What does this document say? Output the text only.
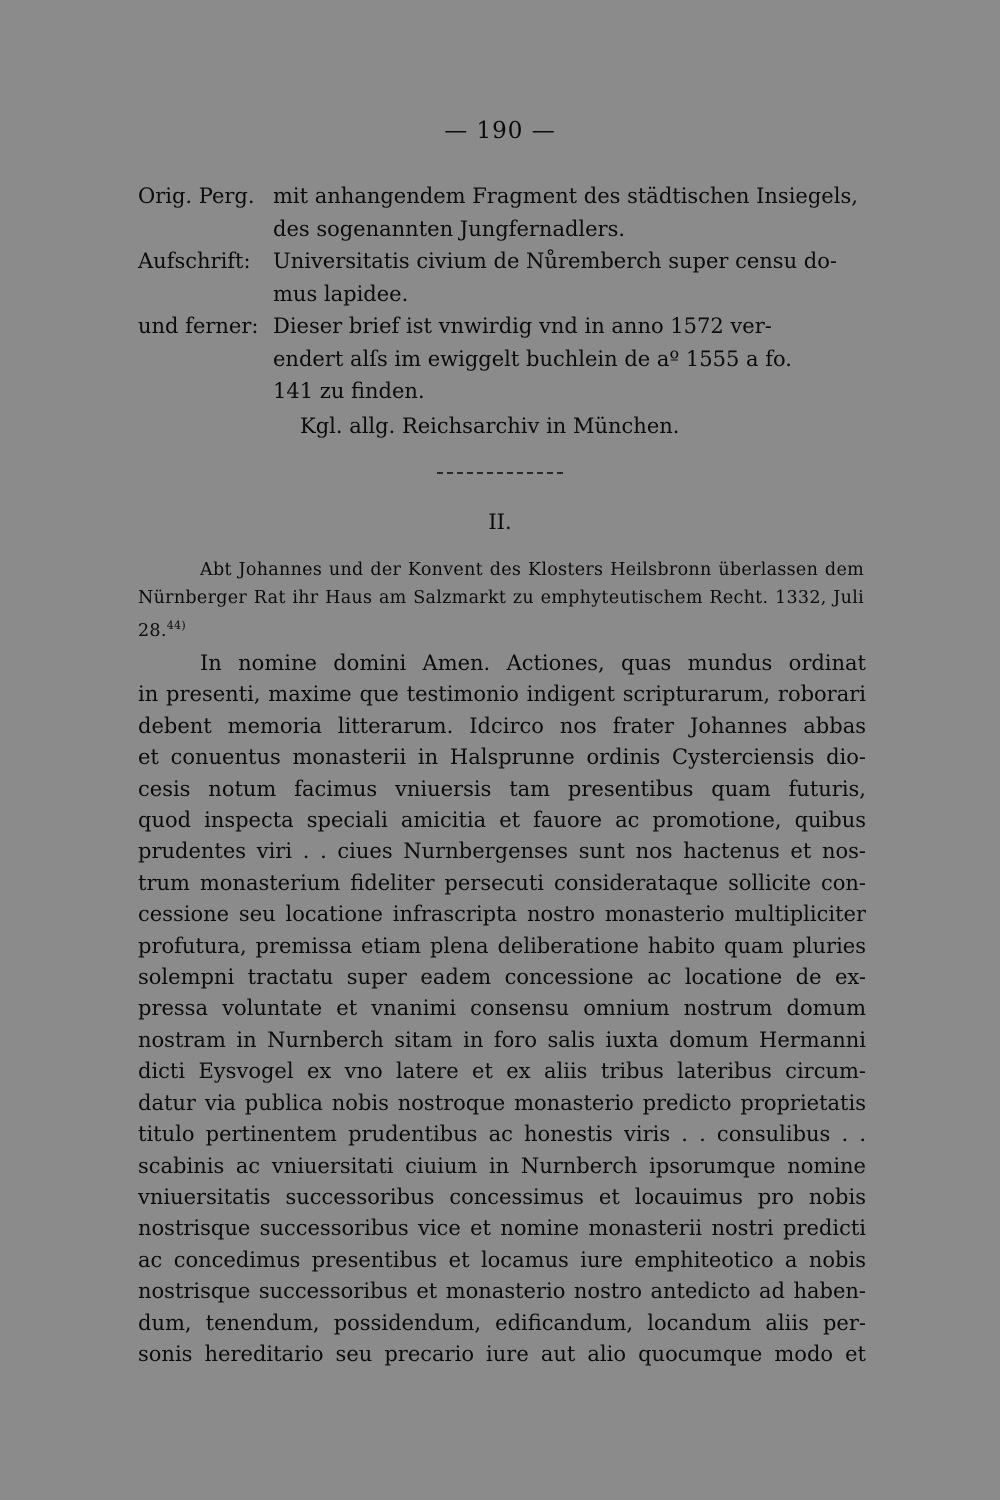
— 190 —
Orig. Perg. mit anhangendem Fragment des städtischen Insiegels,
des sogenannten Jungfernadlers.
Aufschrift:	Universitatis civium de Nůremberch super censu do-
mus lapidee.
und ferner: Dieser brief ist vnwirdig vnd in anno 1572 ver-
endert alſs im ewiggelt buchlein de aº 1555 a fo.
141 zu finden.
Kgl. allg. Reichsarchiv in München.
II.
Abt Johannes und der Konvent des Klosters Heilsbronn überlassen dem Nürnberger Rat ihr Haus am Salzmarkt zu emphyteutischem Recht. 1332, Juli 28.$^{44)}$
In nomine domini Amen. Actiones, quas mundus ordinat
in presenti, maxime que testimonio indigent scripturarum, roborari
debent memoria litterarum. Idcirco nos frater Johannes abbas
et conuentus monasterii in Halsprunne ordinis Cysterciensis dio-
cesis notum facimus vniuersis tam presentibus quam futuris,
quod inspecta speciali amicitia et fauore ac promotione, quibus
prudentes viri . . ciues Nurnbergenses sunt nos hactenus et nos-
trum monasterium fideliter persecuti considerataque sollicite con-
cessione seu locatione infrascripta nostro monasterio multipliciter
profutura, premissa etiam plena deliberatione habito quam pluries
solempni tractatu super eadem concessione ac locatione de ex-
pressa voluntate et vnanimi consensu omnium nostrum domum
nostram in Nurnberch sitam in foro salis iuxta domum Hermanni
dicti Eysvogel ex vno latere et ex aliis tribus lateribus circum-
datur via publica nobis nostroque monasterio predicto proprietatis
titulo pertinentem prudentibus ac honestis viris . . consulibus . .
scabinis ac vniuersitati ciuium in Nurnberch ipsorumque nomine
vniuersitatis successoribus concessimus et locauimus pro nobis
nostrisque successoribus vice et nomine monasterii nostri predicti
ac concedimus presentibus et locamus iure emphiteotico a nobis
nostrisque successoribus et monasterio nostro antedicto ad haben-
dum, tenendum, possidendum, edificandum, locandum aliis per-
sonis hereditario seu precario iure aut alio quocumque modo et
